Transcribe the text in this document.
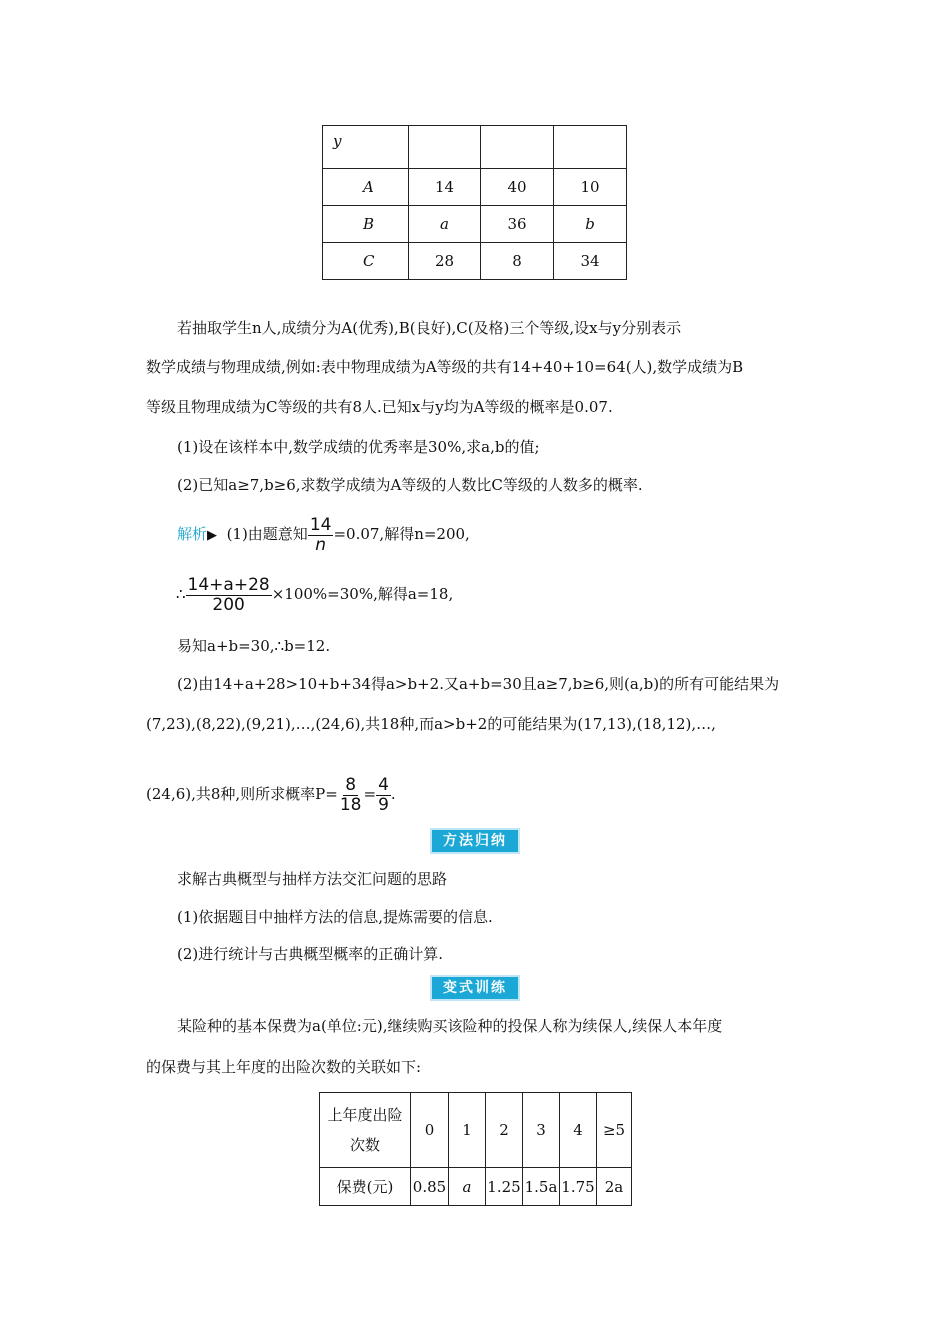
y			
A	14	40	10
B	a	36	b
C	28	8	34
若抽取学生n人,成绩分为A(优秀),B(良好),C(及格)三个等级,设x与y分别表示
数学成绩与物理成绩,例如:表中物理成绩为A等级的共有14+40+10=64(人),数学成绩为B
等级且物理成绩为C等级的共有8人.已知x与y均为A等级的概率是0.07.
(1)设在该样本中,数学成绩的优秀率是30%,求a,b的值;
(2)已知a≥7,b≥6,求数学成绩为A等级的人数比C等级的人数多的概率.
解析▶ (1)由题意知 $\frac{14}{n} =0.07$,解得n=200,
∴ $\frac{14+a+28}{200} \times 100\%=30\%$,解得a=18,
易知a+b=30,∴b=12.
(2)由14+a+28>10+b+34得a>b+2.又a+b=30且a≥7,b≥6,则(a,b)的所有可能结果为
(7,23),(8,22),(9,21),…,(24,6),共18种,而a>b+2的可能结果为(17,13),(18,12),…,
(24,6),共8种,则所求概率$P= \frac{8}{18} = \frac{4}{9}$ .
方法归纳
求解古典概型与抽样方法交汇问题的思路
(1)依据题目中抽样方法的信息,提炼需要的信息.
(2)进行统计与古典概型概率的正确计算.
变式训练
某险种的基本保费为a(单位:元),继续购买该险种的投保人称为续保人,续保人本年度
的保费与其上年度的出险次数的关联如下:
上年度出险
次数	0	1	2	3	4	≥5
保费(元)	0.85	a	1.25	1.5a	1.75	2a
